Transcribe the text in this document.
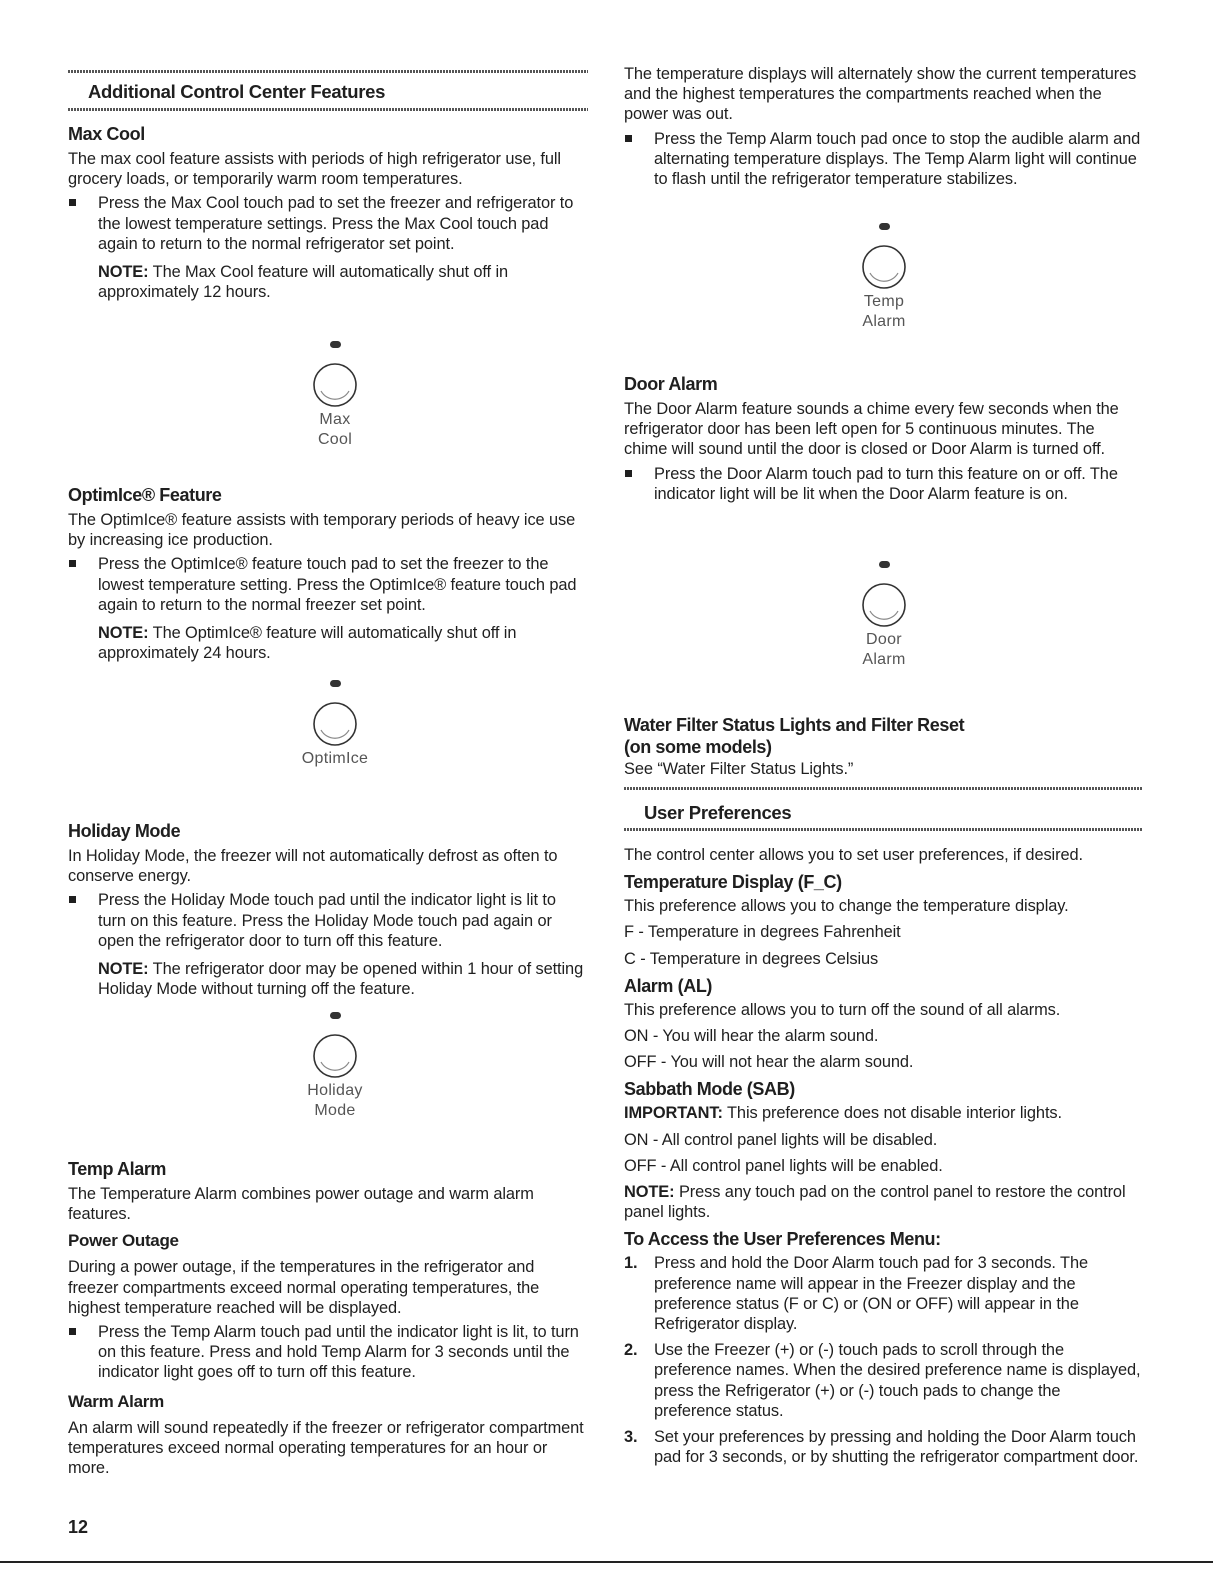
Additional Control Center Features
Max Cool

The max cool feature assists with periods of high refrigerator use, full grocery loads, or temporarily warm room temperatures.

Press the Max Cool touch pad to set the freezer and refrigerator to the lowest temperature settings. Press the Max Cool touch pad again to return to the normal refrigerator set point.

NOTE: The Max Cool feature will automatically shut off in approximately 12 hours.

Max
Cool
OptimIce® Feature

The OptimIce® feature assists with temporary periods of heavy ice use by increasing ice production.

Press the OptimIce® feature touch pad to set the freezer to the lowest temperature setting. Press the OptimIce® feature touch pad again to return to the normal freezer set point.

NOTE: The OptimIce® feature will automatically shut off in approximately 24 hours.

OptimIce
Holiday Mode

In Holiday Mode, the freezer will not automatically defrost as often to conserve energy.

Press the Holiday Mode touch pad until the indicator light is lit to turn on this feature. Press the Holiday Mode touch pad again or open the refrigerator door to turn off this feature.

NOTE: The refrigerator door may be opened within 1 hour of setting Holiday Mode without turning off the feature.

Holiday
Mode
Temp Alarm

The Temperature Alarm combines power outage and warm alarm features.

Power Outage

During a power outage, if the temperatures in the refrigerator and freezer compartments exceed normal operating temperatures, the highest temperature reached will be displayed.

Press the Temp Alarm touch pad until the indicator light is lit, to turn on this feature. Press and hold Temp Alarm for 3 seconds until the indicator light goes off to turn off this feature.

Warm Alarm

An alarm will sound repeatedly if the freezer or refrigerator compartment temperatures exceed normal operating temperatures for an hour or more.

The temperature displays will alternately show the current temperatures and the highest temperatures the compartments reached when the power was out.

Press the Temp Alarm touch pad once to stop the audible alarm and alternating temperature displays. The Temp Alarm light will continue to flash until the refrigerator temperature stabilizes.

Temp
Alarm
Door Alarm

The Door Alarm feature sounds a chime every few seconds when the refrigerator door has been left open for 5 continuous minutes. The chime will sound until the door is closed or Door Alarm is turned off.

Press the Door Alarm touch pad to turn this feature on or off. The indicator light will be lit when the Door Alarm feature is on.

Door
Alarm
Water Filter Status Lights and Filter Reset
(on some models)

See “Water Filter Status Lights.”

User Preferences

The control center allows you to set user preferences, if desired.

Temperature Display (F_C)

This preference allows you to change the temperature display.

F - Temperature in degrees Fahrenheit

C - Temperature in degrees Celsius

Alarm (AL)

This preference allows you to turn off the sound of all alarms.

ON - You will hear the alarm sound.

OFF - You will not hear the alarm sound.

Sabbath Mode (SAB)

IMPORTANT: This preference does not disable interior lights.

ON - All control panel lights will be disabled.

OFF - All control panel lights will be enabled.

NOTE: Press any touch pad on the control panel to restore the control panel lights.

To Access the User Preferences Menu:
1. Press and hold the Door Alarm touch pad for 3 seconds. The preference name will appear in the Freezer display and the preference status (F or C) or (ON or OFF) will appear in the Refrigerator display.
2. Use the Freezer (+) or (-) touch pads to scroll through the preference names. When the desired preference name is displayed, press the Refrigerator (+) or (-) touch pads to change the preference status.
3. Set your preferences by pressing and holding the Door Alarm touch pad for 3 seconds, or by shutting the refrigerator compartment door.
12
